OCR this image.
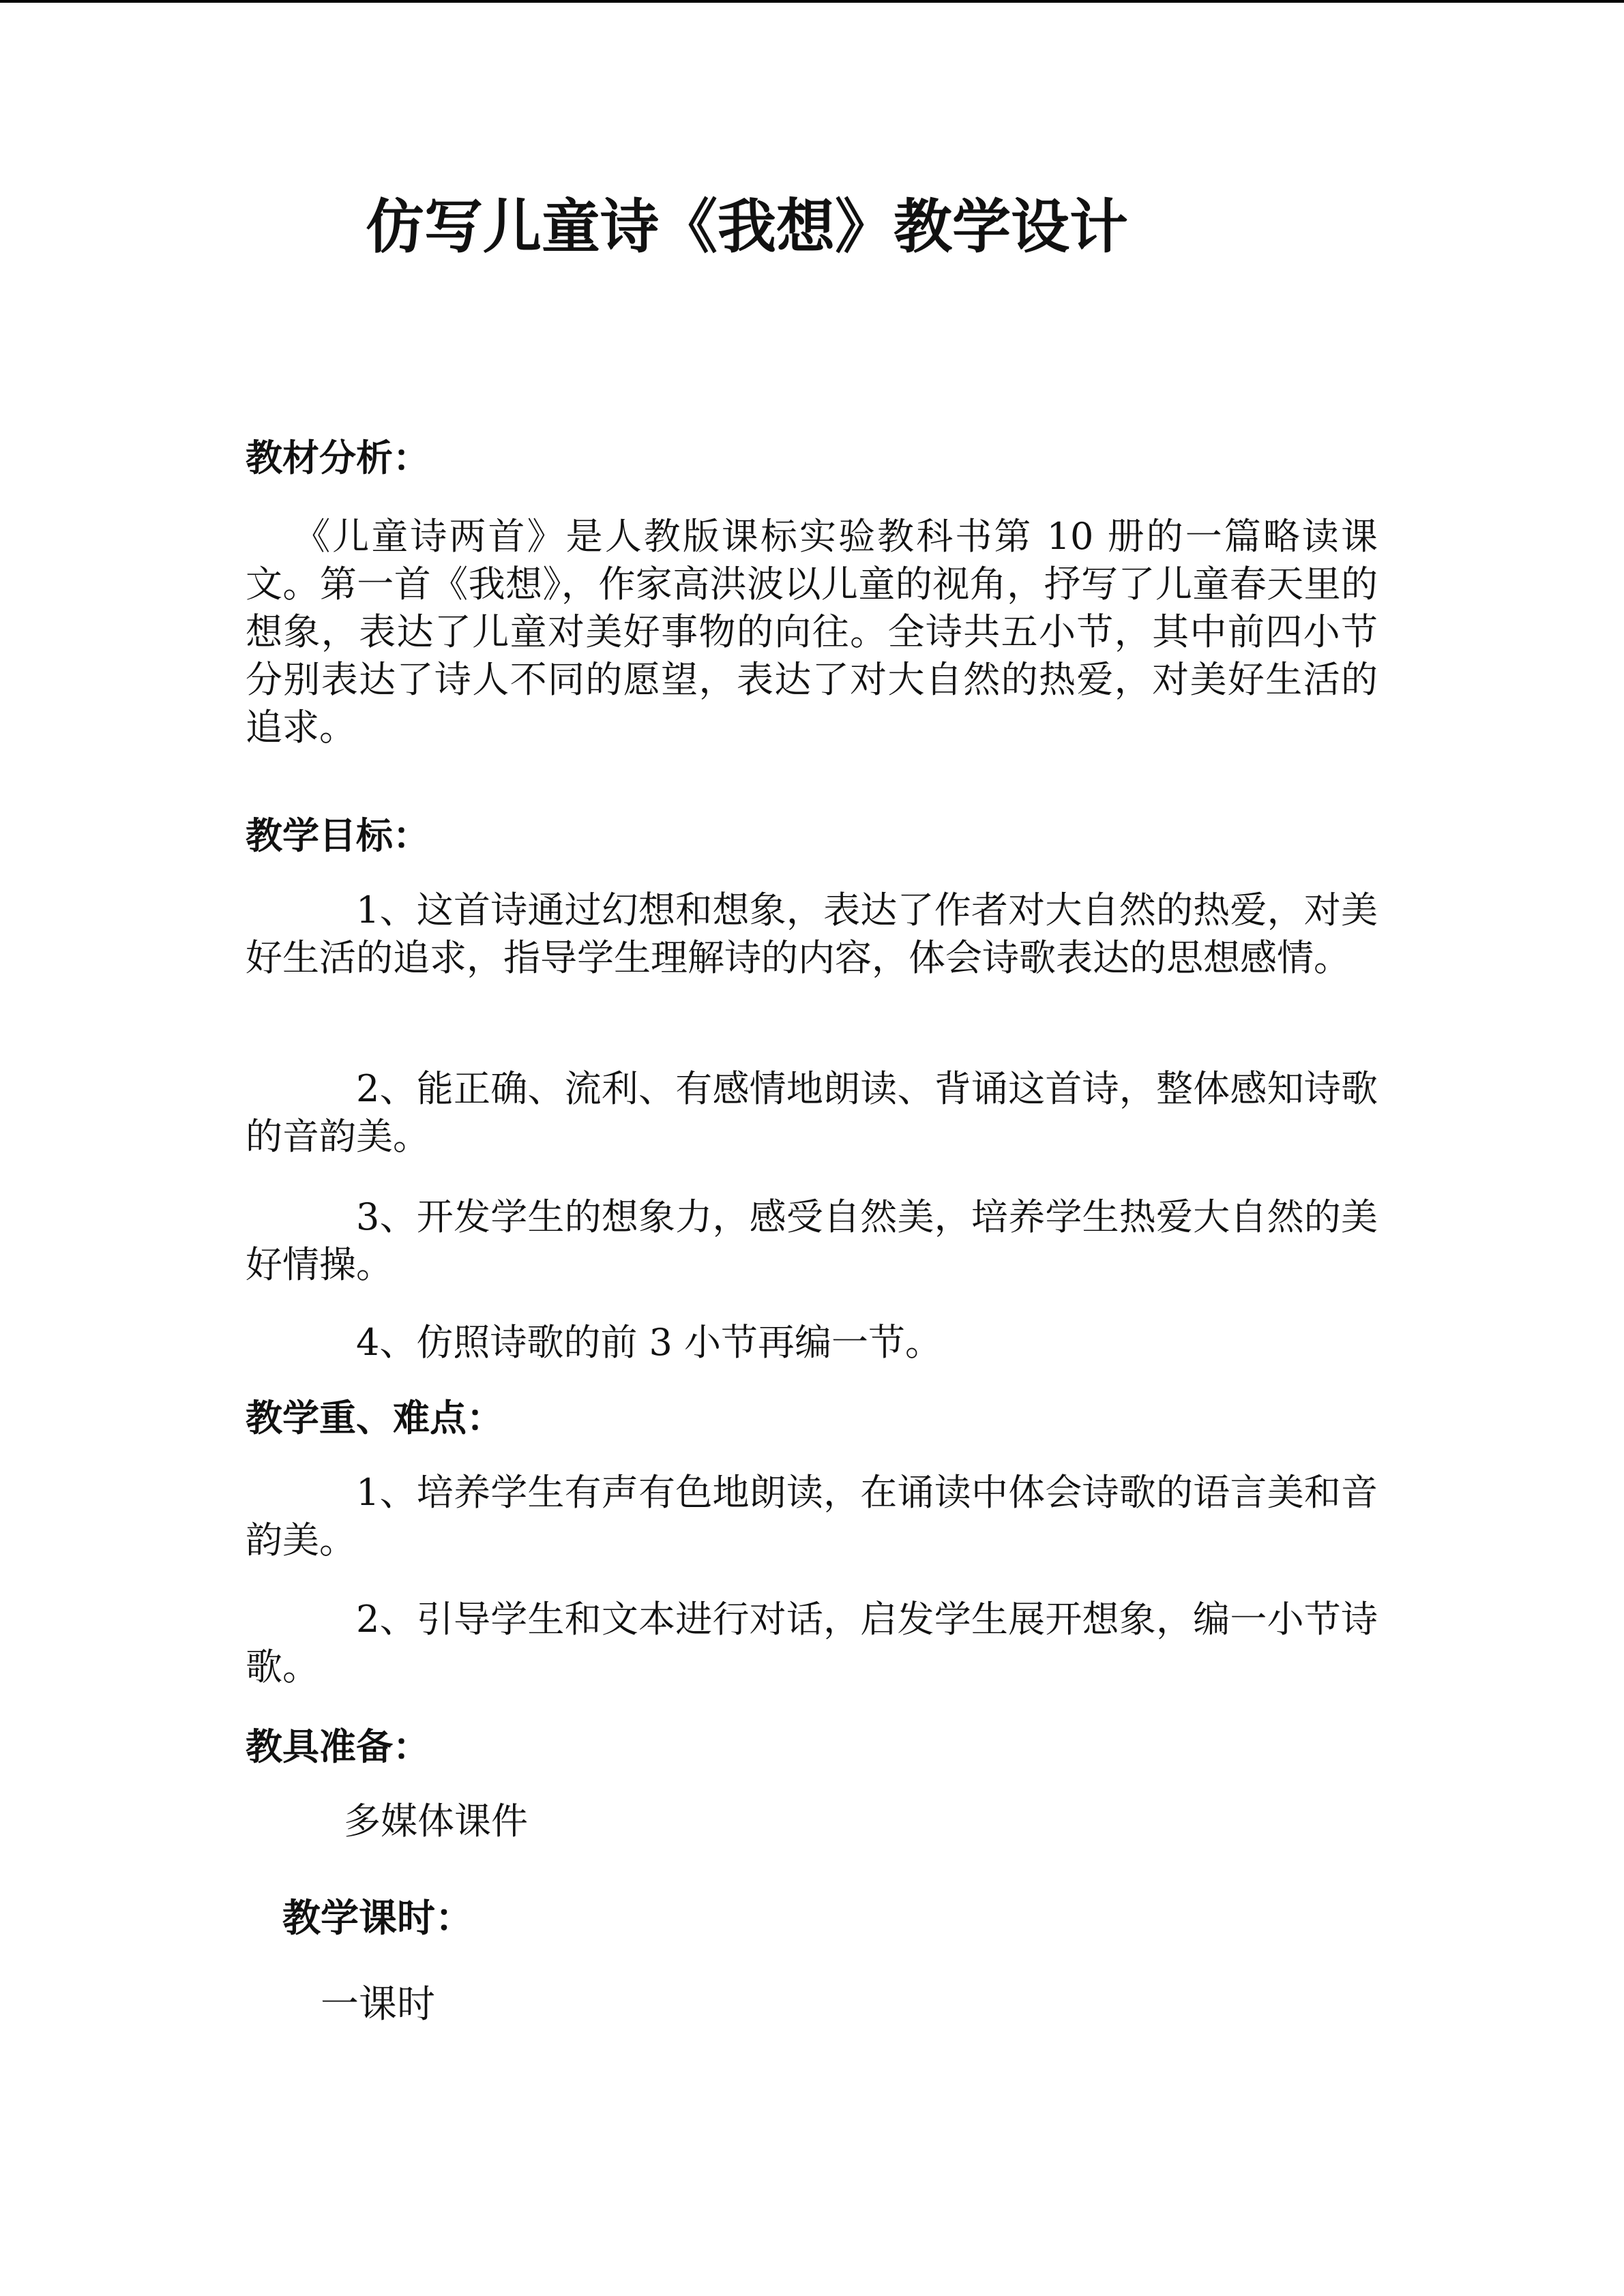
仿写儿童诗《我想》教学设计
教材分析：

《儿童诗两首》是人教版课标实验教科书第 10 册的一篇略读课文。第一首《我想》，作家高洪波以儿童的视角，抒写了儿童春天里的想象，表达了儿童对美好事物的向往。全诗共五小节，其中前四小节分别表达了诗人不同的愿望，表达了对大自然的热爱，对美好生活的追求。

教学目标：

1、这首诗通过幻想和想象，表达了作者对大自然的热爱，对美好生活的追求，指导学生理解诗的内容，体会诗歌表达的思想感情。

2、能正确、流利、有感情地朗读、背诵这首诗，整体感知诗歌的音韵美。

3、开发学生的想象力，感受自然美，培养学生热爱大自然的美好情操。

4、仿照诗歌的前 3 小节再编一节。

教学重、难点：

1、培养学生有声有色地朗读，在诵读中体会诗歌的语言美和音韵美。

2、引导学生和文本进行对话，启发学生展开想象，编一小节诗歌。

教具准备：
多媒体课件
教学课时：
一课时
